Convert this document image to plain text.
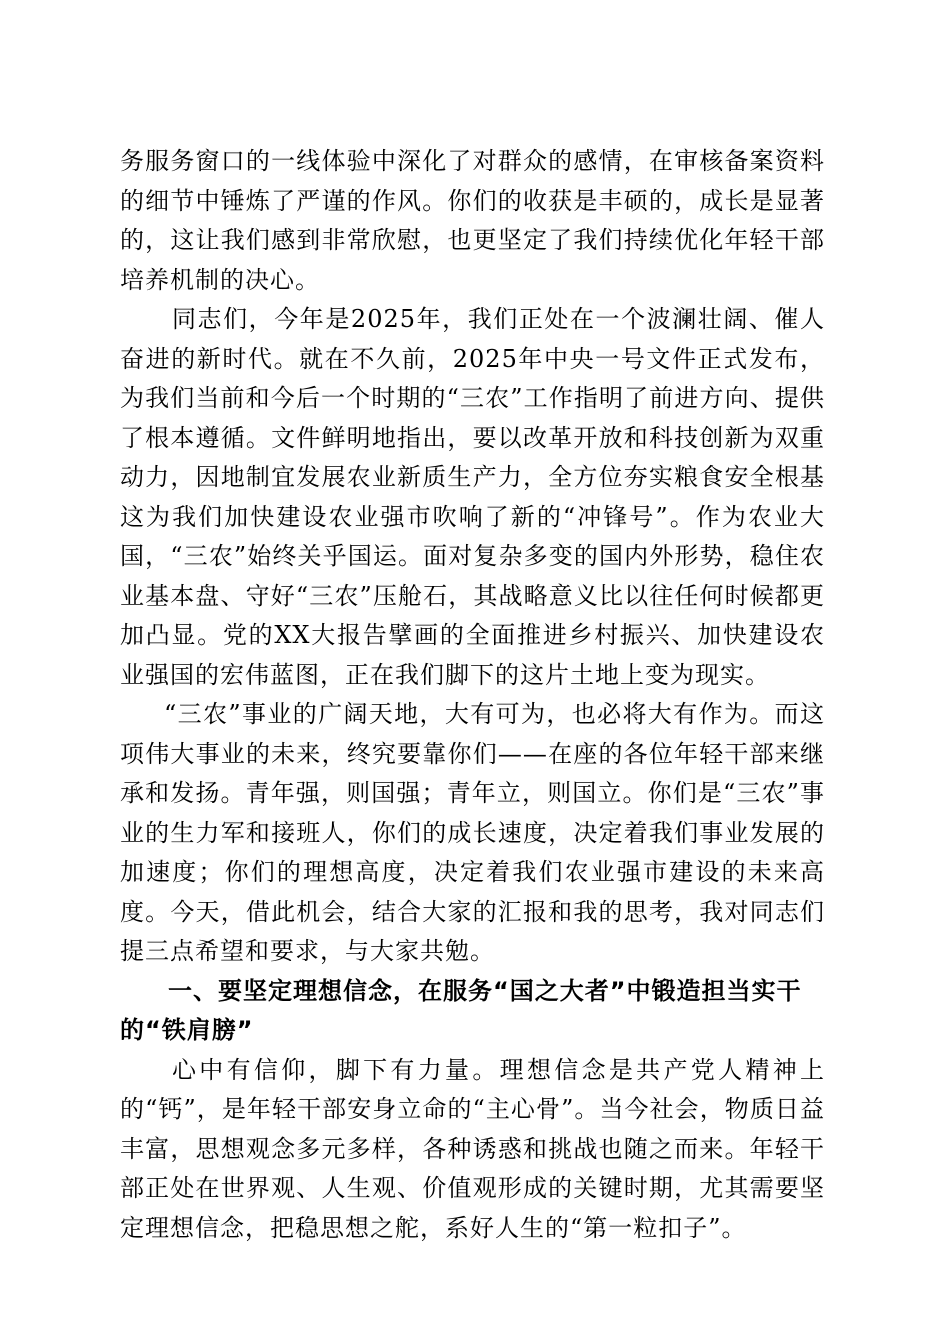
务服务窗口的一线体验中深化了对群众的感情，在审核备案资料的细节中锤炼了严谨的作风。你们的收获是丰硕的，成长是显著的，这让我们感到非常欣慰，也更坚定了我们持续优化年轻干部培养机制的决心。

同志们，今年是2025年，我们正处在一个波澜壮阔、催人奋进的新时代。就在不久前，2025年中央一号文件正式发布，为我们当前和今后一个时期的“三农”工作指明了前进方向、提供了根本遵循。文件鲜明地指出，要以改革开放和科技创新为双重动力，因地制宜发展农业新质生产力，全方位夯实粮食安全根基这为我们加快建设农业强市吹响了新的“冲锋号”。作为农业大国，“三农”始终关乎国运。面对复杂多变的国内外形势，稳住农业基本盘、守好“三农”压舱石，其战略意义比以往任何时候都更加凸显。党的XX大报告擘画的全面推进乡村振兴、加快建设农业强国的宏伟蓝图，正在我们脚下的这片土地上变为现实。

“三农”事业的广阔天地，大有可为，也必将大有作为。而这项伟大事业的未来，终究要靠你们——在座的各位年轻干部来继承和发扬。青年强，则国强；青年立，则国立。你们是“三农”事业的生力军和接班人，你们的成长速度，决定着我们事业发展的加速度；你们的理想高度，决定着我们农业强市建设的未来高度。今天，借此机会，结合大家的汇报和我的思考，我对同志们提三点希望和要求，与大家共勉。

一、要坚定理想信念，在服务“国之大者”中锻造担当实干的“铁肩膀”

心中有信仰，脚下有力量。理想信念是共产党人精神上的“钙”，是年轻干部安身立命的“主心骨”。当今社会，物质日益丰富，思想观念多元多样，各种诱惑和挑战也随之而来。年轻干部正处在世界观、人生观、价值观形成的关键时期，尤其需要坚定理想信念，把稳思想之舵，系好人生的“第一粒扣子”。
